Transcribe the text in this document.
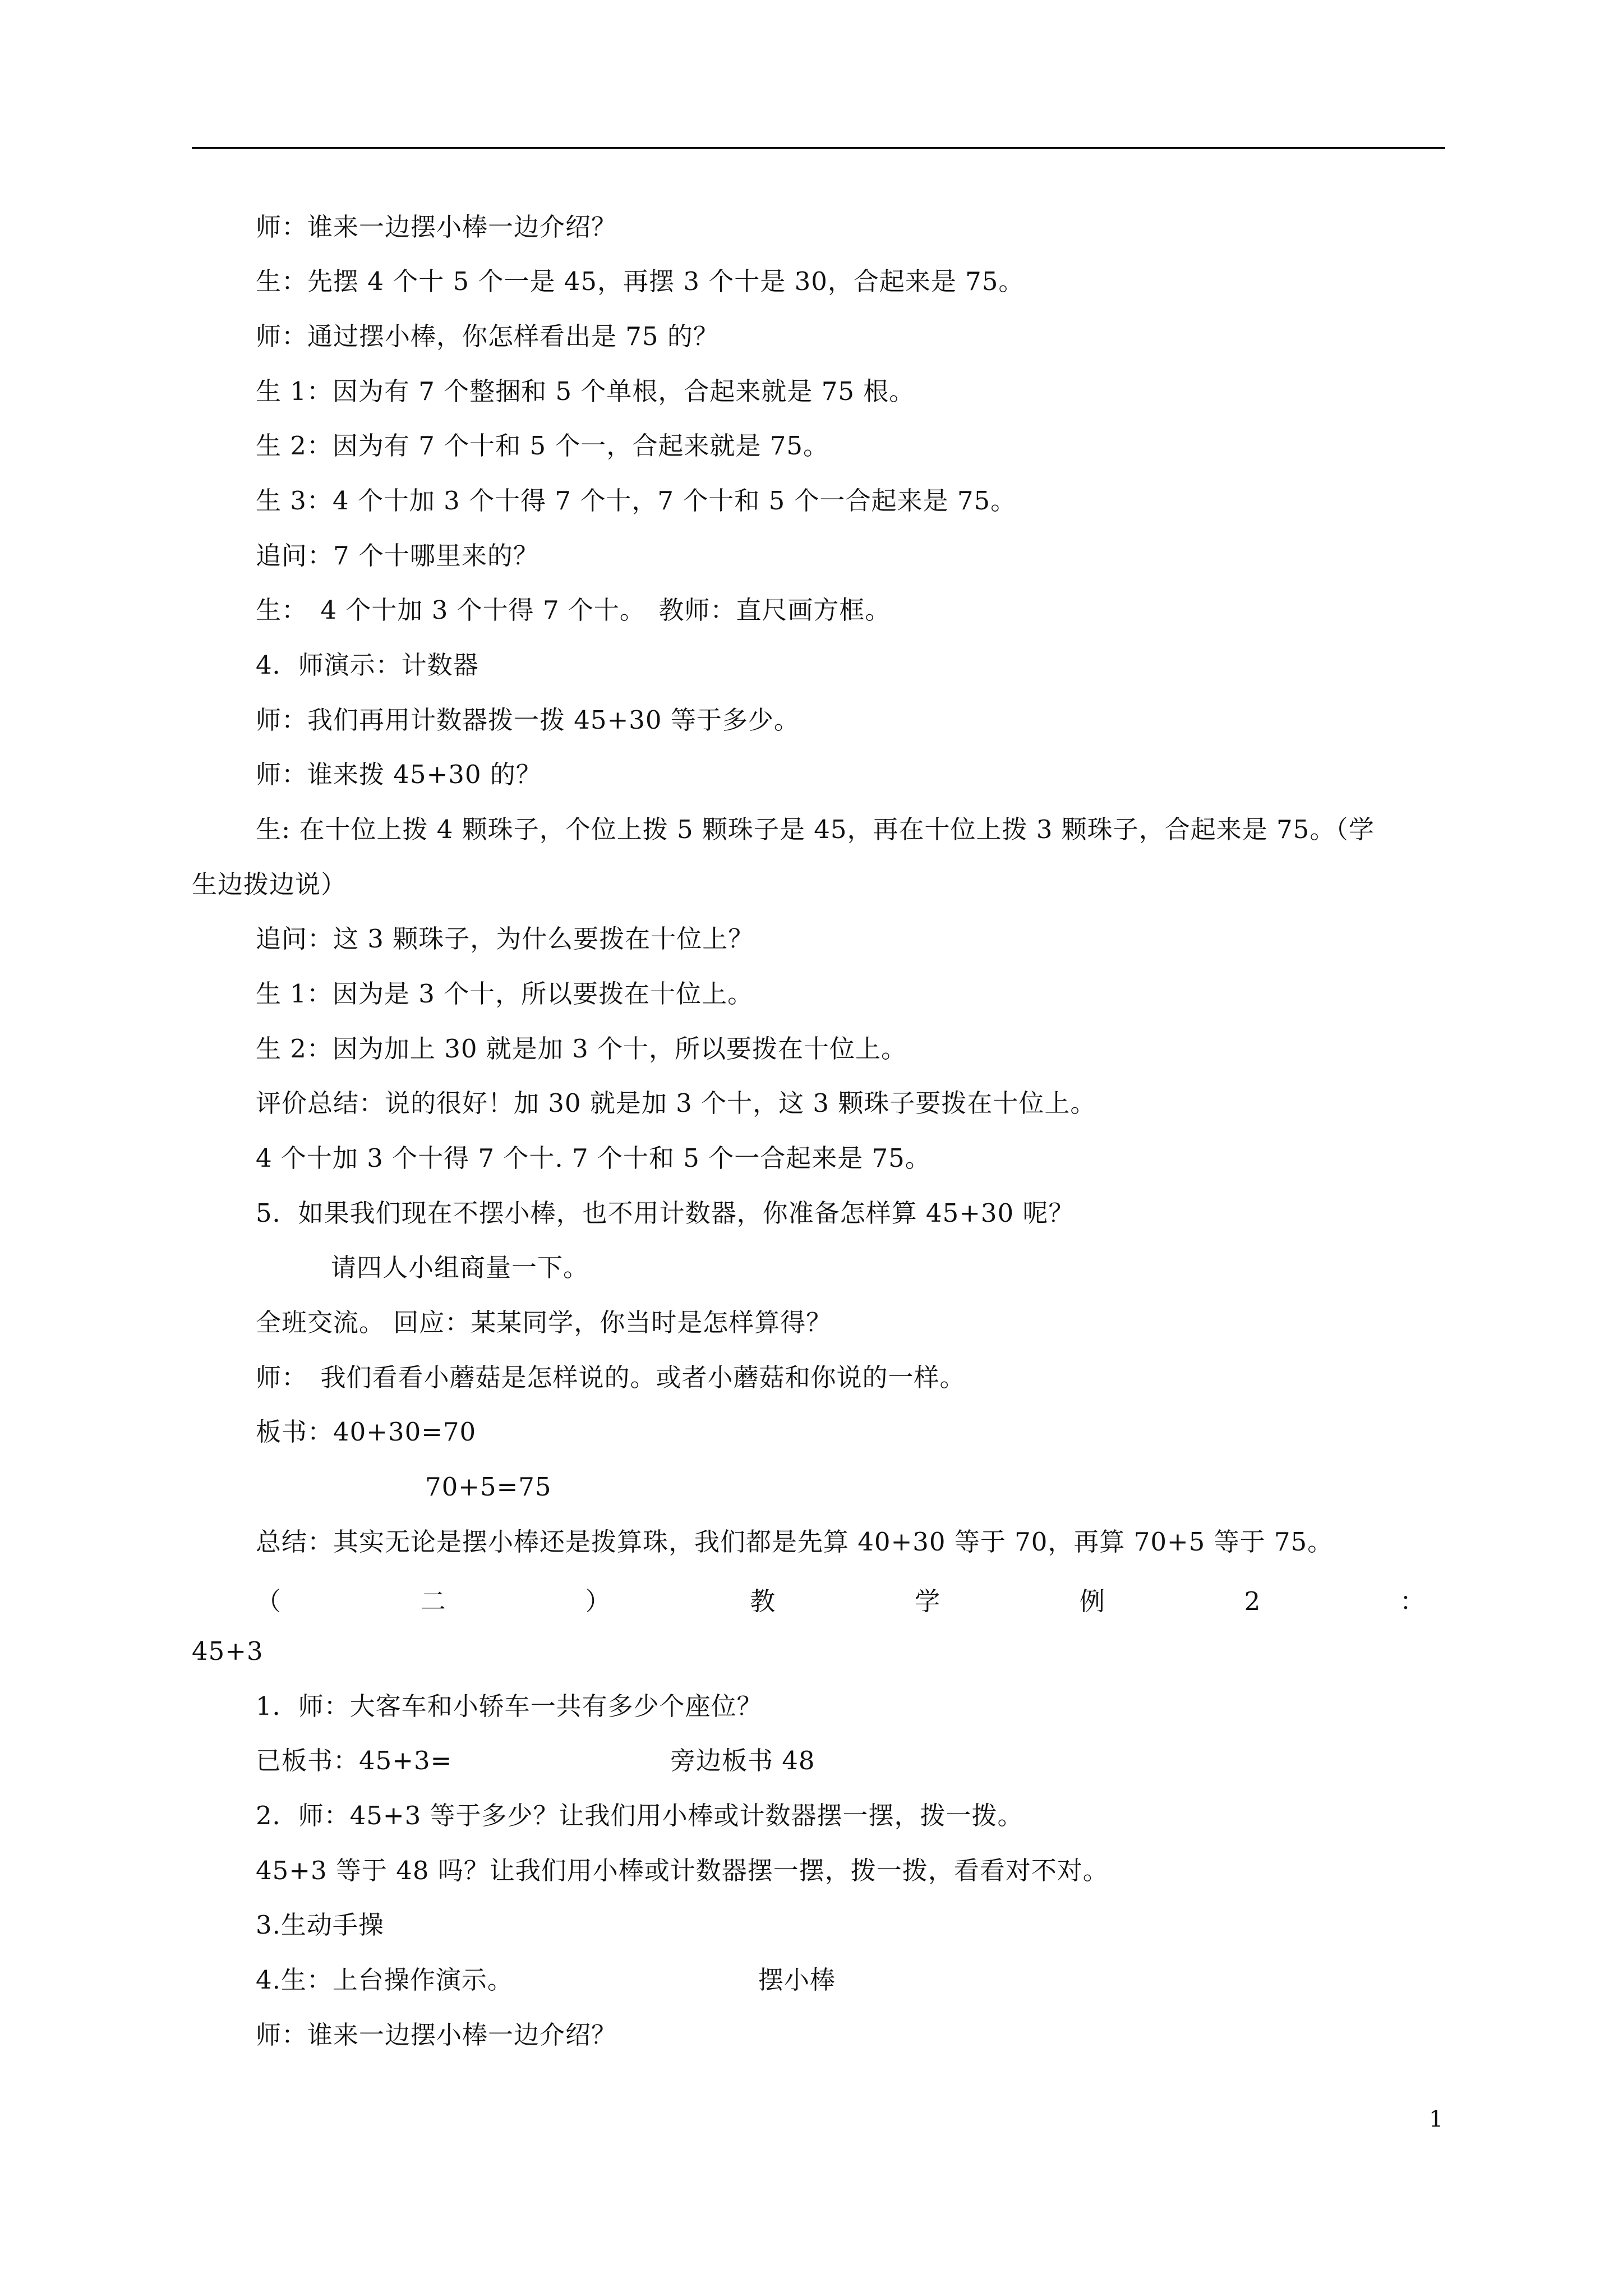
师：谁来一边摆小棒一边介绍？
生：先摆 4 个十 5 个一是 45，再摆 3 个十是 30，合起来是 75。
师：通过摆小棒，你怎样看出是 75 的？
生 1：因为有 7 个整捆和 5 个单根，合起来就是 75 根。
生 2：因为有 7 个十和 5 个一，合起来就是 75。
生 3：4 个十加 3 个十得 7 个十，7 个十和 5 个一合起来是 75。
追问：7 个十哪里来的？
生：　4 个十加 3 个十得 7 个十。　教师：直尺画方框。
4．师演示：计数器
师：我们再用计数器拨一拨 45+30 等于多少。
师：谁来拨 45+30 的？
生: 在十位上拨 4 颗珠子，个位上拨 5 颗珠子是 45，再在十位上拨 3 颗珠子，合起来是 75。（学
生边拨边说）
追问：这 3 颗珠子，为什么要拨在十位上？
生 1：因为是 3 个十，所以要拨在十位上。
生 2：因为加上 30 就是加 3 个十，所以要拨在十位上。
评价总结：说的很好！加 30 就是加 3 个十，这 3 颗珠子要拨在十位上。
4 个十加 3 个十得 7 个十. 7 个十和 5 个一合起来是 75。
5．如果我们现在不摆小棒，也不用计数器，你准备怎样算 45+30 呢？
请四人小组商量一下。
全班交流。 回应：某某同学，你当时是怎样算得？
师：　我们看看小蘑菇是怎样说的。或者小蘑菇和你说的一样。
板书：40+30=70
70+5=75
总结：其实无论是摆小棒还是拨算珠，我们都是先算 40+30 等于 70，再算 70+5 等于 75。
（	二	）	教	学	例	2	：
45+3
1．师：大客车和小轿车一共有多少个座位？
已板书：45+3=	旁边板书 48
2．师：45+3 等于多少？让我们用小棒或计数器摆一摆，拨一拨。
45+3 等于 48 吗？让我们用小棒或计数器摆一摆，拨一拨，看看对不对。
3.生动手操
4.生：上台操作演示。	摆小棒
师：谁来一边摆小棒一边介绍？
1
